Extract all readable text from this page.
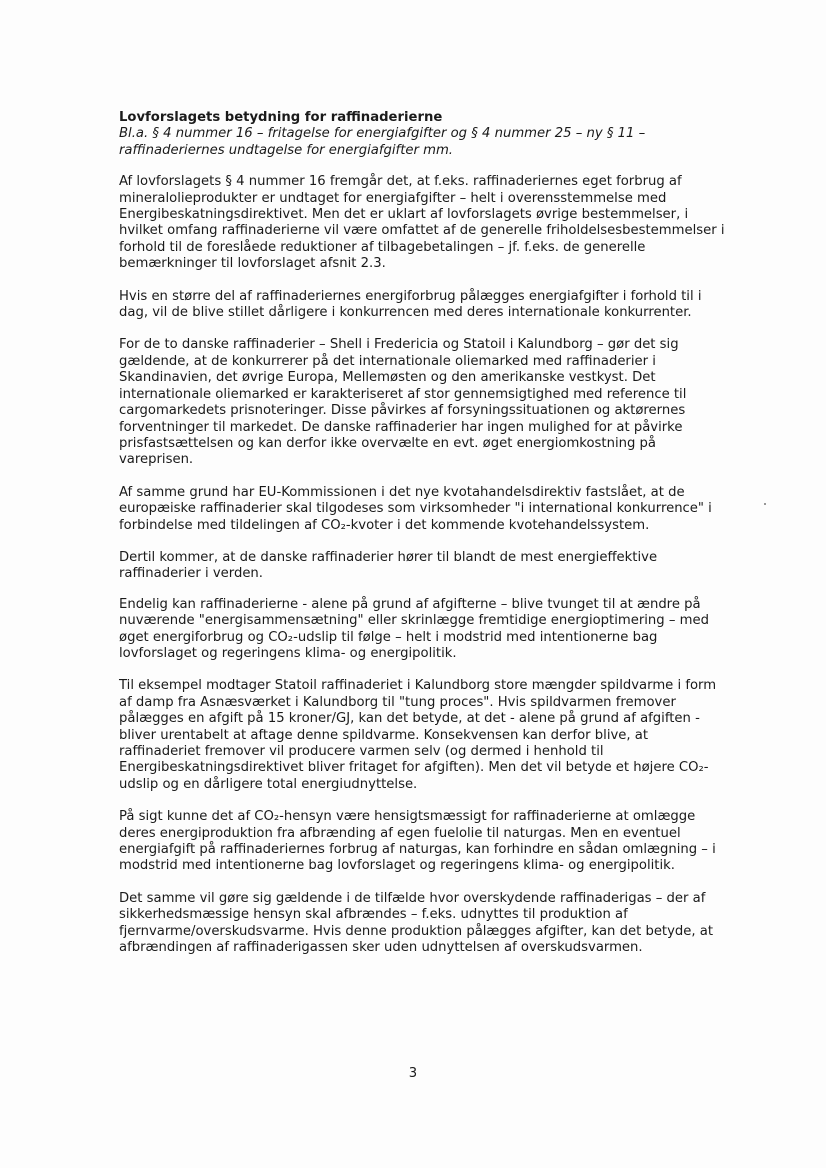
Lovforslagets betydning for raffinaderierne

Bl.a. § 4 nummer 16 – fritagelse for energiafgifter og § 4 nummer 25 – ny § 11 –
raffinaderiernes undtagelse for energiafgifter mm.

Af lovforslagets § 4 nummer 16 fremgår det, at f.eks. raffinaderiernes eget forbrug af
mineralolieprodukter er undtaget for energiafgifter – helt i overensstemmelse med
Energibeskatningsdirektivet. Men det er uklart af lovforslagets øvrige bestemmelser, i
hvilket omfang raffinaderierne vil være omfattet af de generelle friholdelsesbestemmelser i
forhold til de foreslåede reduktioner af tilbagebetalingen – jf. f.eks. de generelle
bemærkninger til lovforslaget afsnit 2.3.

Hvis en større del af raffinaderiernes energiforbrug pålægges energiafgifter i forhold til i
dag, vil de blive stillet dårligere i konkurrencen med deres internationale konkurrenter.

For de to danske raffinaderier – Shell i Fredericia og Statoil i Kalundborg – gør det sig
gældende, at de konkurrerer på det internationale oliemarked med raffinaderier i
Skandinavien, det øvrige Europa, Mellemøsten og den amerikanske vestkyst. Det
internationale oliemarked er karakteriseret af stor gennemsigtighed med reference til
cargomarkedets prisnoteringer. Disse påvirkes af forsyningssituationen og aktørernes
forventninger til markedet. De danske raffinaderier har ingen mulighed for at påvirke
prisfastsættelsen og kan derfor ikke overvælte en evt. øget energiomkostning på
vareprisen.

Af samme grund har EU-Kommissionen i det nye kvotahandelsdirektiv fastslået, at de
europæiske raffinaderier skal tilgodeses som virksomheder "i international konkurrence" i
forbindelse med tildelingen af CO₂-kvoter i det kommende kvotehandelssystem.

Dertil kommer, at de danske raffinaderier hører til blandt de mest energieffektive
raffinaderier i verden.

Endelig kan raffinaderierne - alene på grund af afgifterne – blive tvunget til at ændre på
nuværende "energisammensætning" eller skrinlægge fremtidige energioptimering – med
øget energiforbrug og CO₂-udslip til følge – helt i modstrid med intentionerne bag
lovforslaget og regeringens klima- og energipolitik.

Til eksempel modtager Statoil raffinaderiet i Kalundborg store mængder spildvarme i form
af damp fra Asnæsværket i Kalundborg til "tung proces". Hvis spildvarmen fremover
pålægges en afgift på 15 kroner/GJ, kan det betyde, at det - alene på grund af afgiften -
bliver urentabelt at aftage denne spildvarme. Konsekvensen kan derfor blive, at
raffinaderiet fremover vil producere varmen selv (og dermed i henhold til
Energibeskatningsdirektivet bliver fritaget for afgiften). Men det vil betyde et højere CO₂-
udslip og en dårligere total energiudnyttelse.

På sigt kunne det af CO₂-hensyn være hensigtsmæssigt for raffinaderierne at omlægge
deres energiproduktion fra afbrænding af egen fuelolie til naturgas. Men en eventuel
energiafgift på raffinaderiernes forbrug af naturgas, kan forhindre en sådan omlægning – i
modstrid med intentionerne bag lovforslaget og regeringens klima- og energipolitik.

Det samme vil gøre sig gældende i de tilfælde hvor overskydende raffinaderigas – der af
sikkerhedsmæssige hensyn skal afbrændes – f.eks. udnyttes til produktion af
fjernvarme/overskudsvarme. Hvis denne produktion pålægges afgifter, kan det betyde, at
afbrændingen af raffinaderigassen sker uden udnyttelsen af overskudsvarmen.

3
